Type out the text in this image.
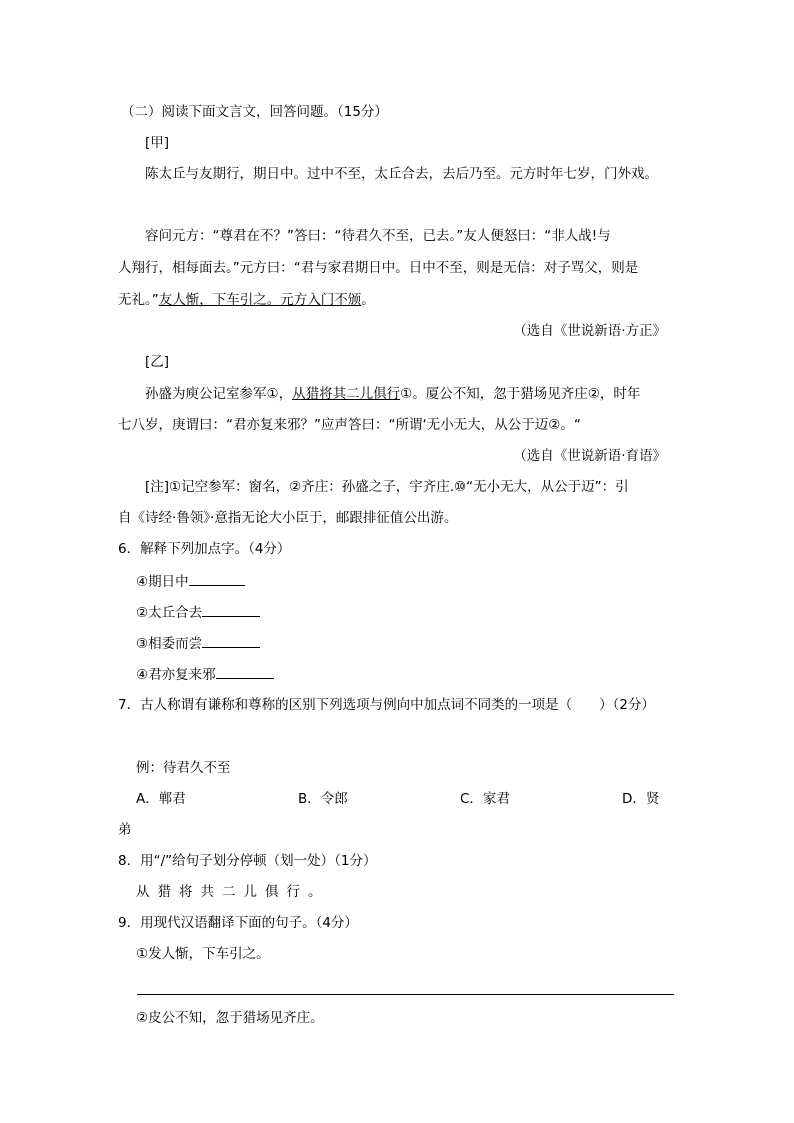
（二）阅读下面文言文，回答问题。（15分）
[甲]
陈太丘与友期行，期日中。过中不至，太丘合去，去后乃至。元方时年七岁，门外戏。
容问元方：“尊君在不？”答曰：“待君久不至，已去。”友人便怒曰：“非人战!与
人翔行，相每面去。”元方曰：“君与家君期日中。日中不至，则是无信：对子骂父，则是
无礼。”友人惭，下车引之。元方入门不颁。
（选自《世说新语·方正》
[乙]
孙盛为庾公记室参军①，从猎将其二儿俱行①。厦公不知，忽于猎场见齐庄②，时年
七八岁，庚谓曰：“君亦复来邪？”应声答曰：“所谓‘无小无大，从公于迈②。“
（选自《世说新语·育语》
[注]①记空参军：窗名，②齐庄：孙盛之子，宇齐庄.⑩“无小无大，从公于迈”：引
自《诗经·鲁领》·意指无论大小臣于，邮跟排征值公出游。
6．解释下列加点字。（4分）
④期日中
②太丘合去
③相委而尝
④君亦复来邪
7．古人称谓有谦称和尊称的区别下列选项与例向中加点词不同类的一项是（　　）（2分）
例：待君久不至
A．郸君	B．令郎	C．家君	D．贤
弟
8．用“/”给句子划分停顿（划一处）（1分）
从猎将共二儿俱行。
9．用现代汉语翻译下面的句子。（4分）
①发人惭，下车引之。
②皮公不知，忽于猎场见齐庄。
